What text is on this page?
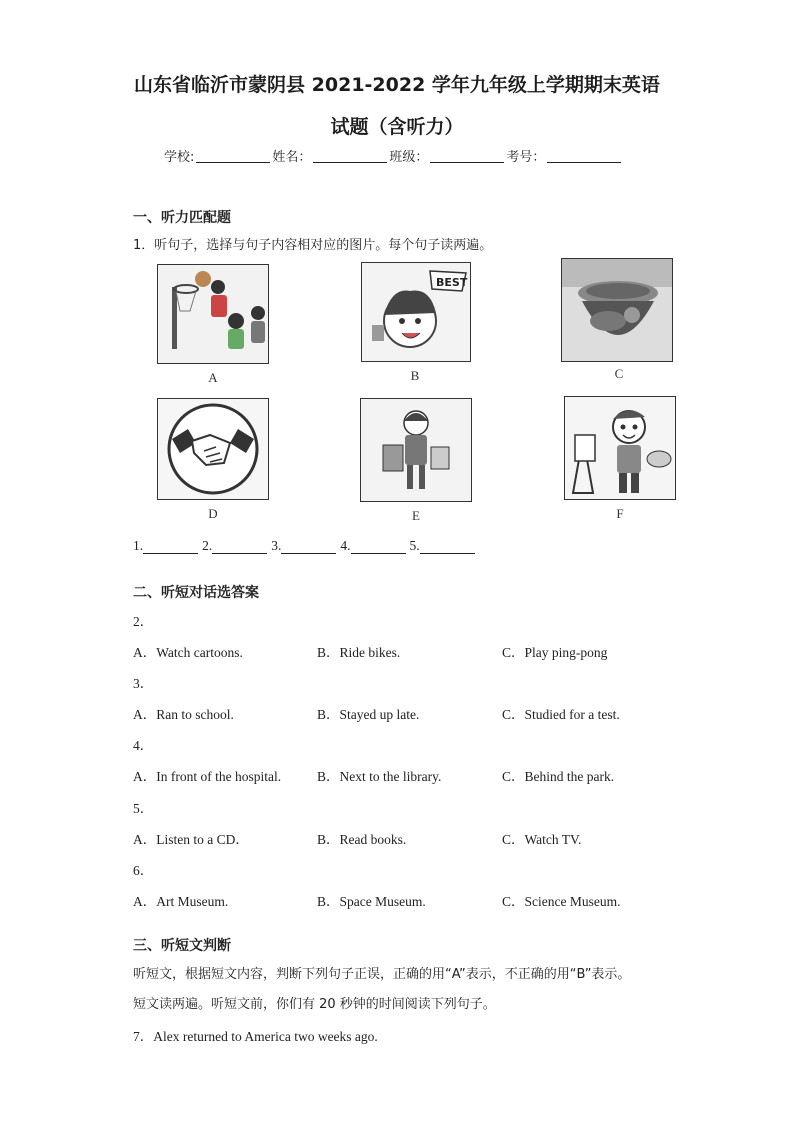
山东省临沂市蒙阴县 2021-2022 学年九年级上学期期末英语
试题（含听力）
学校:	姓名：	班级：	考号：
一、听力匹配题
1．听句子，选择与句子内容相对应的图片。每个句子读两遍。
A
BEST
B	C
D	E	F
1.	2.	3.	4.	5.
二、听短对话选答案
2．
A．Watch cartoons.	B．Ride bikes.	C．Play ping-pong
3．
A．Ran to school.	B．Stayed up late.	C．Studied for a test.
4．
A．In front of the hospital.	B．Next to the library.	C．Behind the park.
5．
A．Listen to a CD．	B．Read books.	C．Watch TV.
6．
A．Art Museum.	B．Space Museum.	C．Science Museum.
三、听短文判断
听短文，根据短文内容，判断下列句子正误，正确的用“A”表示，不正确的用“B”表示。
短文读两遍。听短文前，你们有 20 秒钟的时间阅读下列句子。
7．Alex returned to America two weeks ago.
